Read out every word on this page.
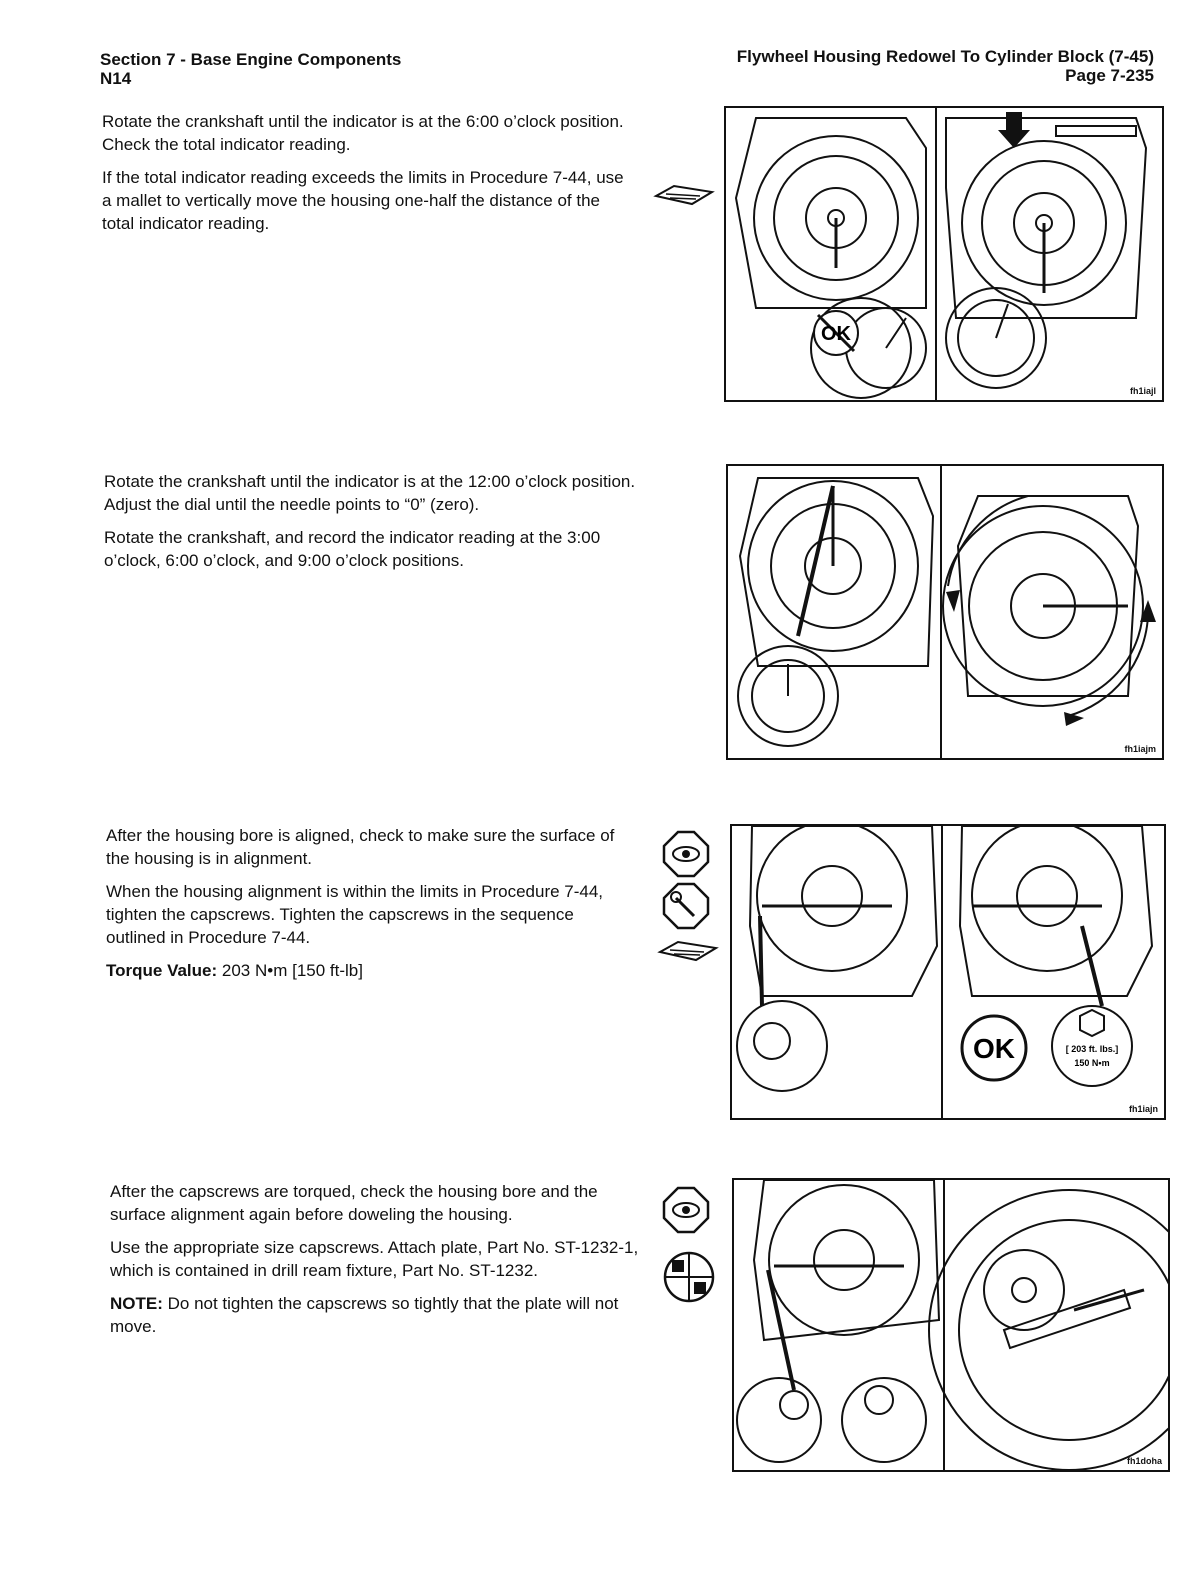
Section 7 - Base Engine Components
N14
Flywheel Housing Redowel To Cylinder Block (7-45)
Page 7-235

Rotate the crankshaft until the indicator is at the 6:00 o’clock position. Check the total indicator reading.

If the total indicator reading exceeds the limits in Procedure 7-44, use a mallet to vertically move the housing one-half the distance of the total indicator reading.

OK
fh1iajl

Rotate the crankshaft until the indicator is at the 12:00 o’clock position. Adjust the dial until the needle points to “0” (zero).

Rotate the crankshaft, and record the indicator reading at the 3:00 o’clock, 6:00 o’clock, and 9:00 o’clock positions.

fh1iajm

After the housing bore is aligned, check to make sure the surface of the housing is in alignment.

When the housing alignment is within the limits in Procedure 7-44, tighten the capscrews. Tighten the capscrews in the sequence outlined in Procedure 7-44.

Torque Value: 203 N•m [150 ft-lb]

OK	[ 203 ft. lbs.]
150 N•m
fh1iajn

After the capscrews are torqued, check the housing bore and the surface alignment again before doweling the housing.

Use the appropriate size capscrews. Attach plate, Part No. ST-1232-1, which is contained in drill ream fixture, Part No. ST-1232.

NOTE: Do not tighten the capscrews so tightly that the plate will not move.

fh1doha
